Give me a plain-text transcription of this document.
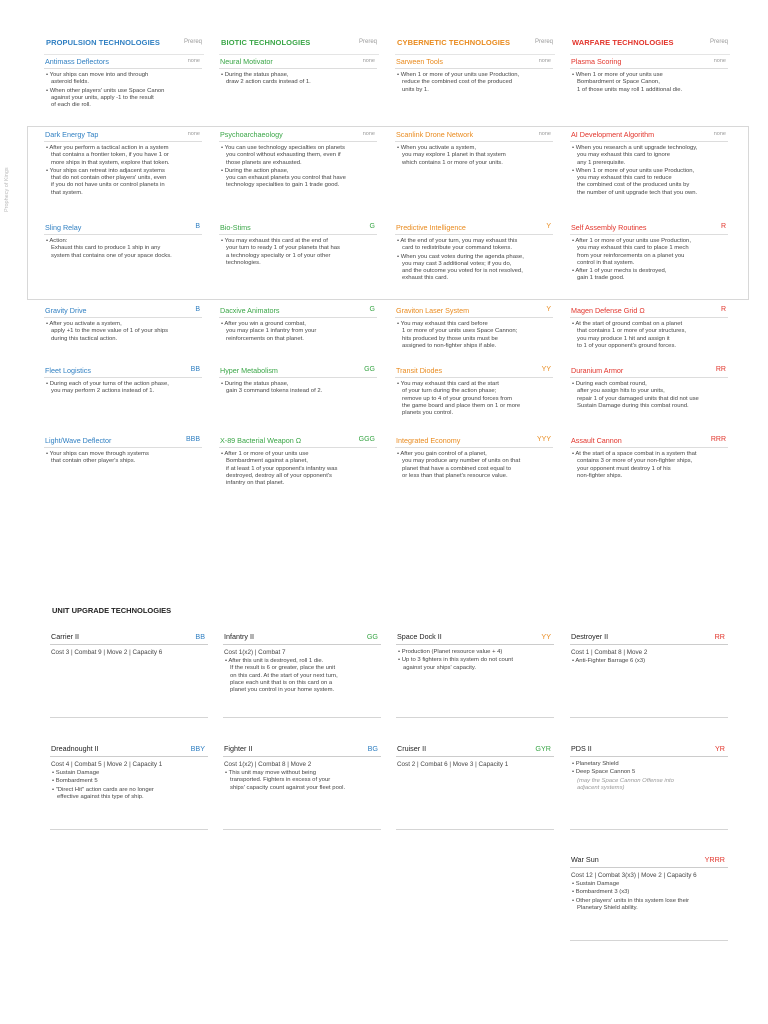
PROPULSION TECHNOLOGIES	Prereq	BIOTIC TECHNOLOGIES	Prereq	CYBERNETIC TECHNOLOGIES	Prereq	WARFARE TECHNOLOGIES	Prereq
Prophecy of Kings
Antimass Deflectors	none
• Your ships can move into and through
asteroid fields.
• When other players' units use Space Canon
against your units, apply -1 to the result
of each die roll.
Dark Energy Tap	none
• After you perform a tactical action in a system
that contains a frontier token, if you have 1 or
more ships in that system, explore that token.
• Your ships can retreat into adjacent systems
that do not contain other players' units, even
if you do not have units or control planets in
that system.
Sling Relay	B
• Action:
Exhaust this card to produce 1 ship in any
system that contains one of your space docks.
Gravity Drive	B
• After you activate a system,
apply +1 to the move value of 1 of your ships
during this tactical action.
Fleet Logistics	BB
• During each of your turns of the action phase,
you may perform 2 actions instead of 1.
Light/Wave Deflector	BBB
• Your ships can move through systems
that contain other player's ships.
Neural Motivator	none
• During the status phase,
draw 2 action cards instead of 1.
Psychoarchaeology	none
• You can use technology specialties on planets
you control without exhausting them, even if
those planets are exhausted.
• During the action phase,
you can exhaust planets you control that have
technology specialties to gain 1 trade good.
Bio-Stims	G
• You may exhaust this card at the end of
your turn to ready 1 of your planets that has
a technology specialty or 1 of your other
technologies.
Dacxive Animators	G
• After you win a ground combat,
you may place 1 infantry from your
reinforcements on that planet.
Hyper Metabolism	GG
• During the status phase,
gain 3 command tokens instead of 2.
X-89 Bacterial Weapon Ω	GGG
• After 1 or more of your units use
Bombardment against a planet,
if at least 1 of your opponent's infantry was
destroyed, destroy all of your opponent's
infantry on that planet.
Sarween Tools	none
• When 1 or more of your units use Production,
reduce the combined cost of the produced
units by 1.
Scanlink Drone Network	none
• When you activate a system,
you may explore 1 planet in that system
which contains 1 or more of your units.
Predictive Intelligence	Y
• At the end of your turn, you may exhaust this
card to redistribute your command tokens.
• When you cast votes during the agenda phase,
you may cast 3 additional votes; if you do,
and the outcome you voted for is not resolved,
exhaust this card.
Graviton Laser System	Y
• You may exhaust this card before
1 or more of your units uses Space Cannon;
hits produced by those units must be
assigned to non-fighter ships if able.
Transit Diodes	YY
• You may exhaust this card at the start
of your turn during the action phase;
remove up to 4 of your ground forces from
the game board and place them on 1 or more
planets you control.
Integrated Economy	YYY
• After you gain control of a planet,
you may produce any number of units on that
planet that have a combined cost equal to
or less than that planet's resource value.
Plasma Scoring	none
• When 1 or more of your units use
Bombardment or Space Canon,
1 of those units may roll 1 additional die.
AI Development Algorithm	none
• When you research a unit upgrade technology,
you may exhaust this card to ignore
any 1 prerequisite.
• When 1 or more of your units use Production,
you may exhaust this card to reduce
the combined cost of the produced units by
the number of unit upgrade tech that you own.
Self Assembly Routines	R
• After 1 or more of your units use Production,
you may exhaust this card to place 1 mech
from your reinforcements on a planet you
control in that system.
• After 1 of your mechs is destroyed,
gain 1 trade good.
Magen Defense Grid Ω	R
• At the start of ground combat on a planet
that contains 1 or more of your structures,
you may produce 1 hit and assign it
to 1 of your opponent's ground forces.
Duranium Armor	RR
• During each combat round,
after you assign hits to your units,
repair 1 of your damaged units that did not use
Sustain Damage during this combat round.
Assault Cannon	RRR
• At the start of a space combat in a system that
contains 3 or more of your non-fighter ships,
your opponent must destroy 1 of his
non-fighter ships.
UNIT UPGRADE TECHNOLOGIES
Carrier II	BB
Cost 3 | Combat 9 | Move 2 | Capacity 6
Infantry II	GG
Cost 1(x2) | Combat 7
• After this unit is destroyed, roll 1 die.
If the result is 6 or greater, place the unit
on this card. At the start of your next turn,
place each unit that is on this card on a
planet you control in your home system.
Space Dock II	YY
• Production (Planet resource value + 4)
• Up to 3 fighters in this system do not count
against your ships' capacity.
Destroyer II	RR
Cost 1 | Combat 8 | Move 2
• Anti-Fighter Barrage 6 (x3)
Dreadnought II	BBY
Cost 4 | Combat 5 | Move 2 | Capacity 1
• Sustain Damage
• Bombardment 5
• "Direct Hit" action cards are no longer
effective against this type of ship.
Fighter II	BG
Cost 1(x2) | Combat 8 | Move 2
• This unit may move without being
transported. Fighters in excess of your
ships' capacity count against your fleet pool.
Cruiser II	GYR
Cost 2 | Combat 6 | Move 3 | Capacity 1
PDS II	YR
• Planetary Shield
• Deep Space Cannon 5
(may fire Space Cannon Offense into
adjacent systems)
War Sun	YRRR
Cost 12 | Combat 3(x3) | Move 2 | Capacity 6
• Sustain Damage
• Bombardment 3 (x3)
• Other players' units in this system lose their
Planetary Shield ability.
